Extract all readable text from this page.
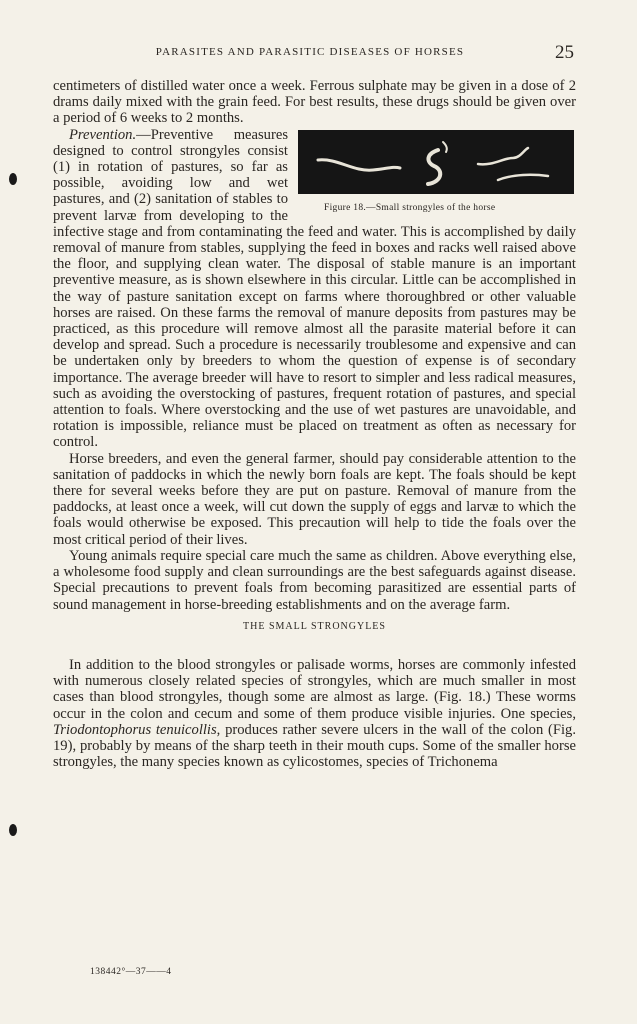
PARASITES AND PARASITIC DISEASES OF HORSES	25

centimeters of distilled water once a week. Ferrous sulphate may be given in a dose of 2 drams daily mixed with the grain feed. For best results, these drugs should be given over a period of 6 weeks to 2 months.

Prevention.
Figure 18.—Small strongyles of the horse
—Preventive measures designed to control strongyles consist (1) in rotation of pastures, so far as possible, avoiding low and wet pastures, and (2) sanitation of stables to prevent larvæ from developing to the infective stage and from contaminating the feed and water. This is accomplished by daily removal of manure from stables, supplying the feed in boxes and racks well raised above the floor, and supplying clean water. The disposal of stable manure is an important preventive measure, as is shown elsewhere in this circular. Little can be accomplished in the way of pasture sanitation except on farms where thoroughbred or other valuable horses are raised. On these farms the removal of manure deposits from pastures may be practiced, as this procedure will remove almost all the parasite material before it can develop and spread. Such a procedure is necessarily troublesome and expensive and can be undertaken only by breeders to whom the question of expense is of secondary importance. The average breeder will have to resort to simpler and less radical measures, such as avoiding the overstocking of pastures, frequent rotation of pastures, and special attention to foals. Where overstocking and the use of wet pastures are unavoidable, and rotation is impossible, reliance must be placed on treatment as often as necessary for control.

Horse breeders, and even the general farmer, should pay considerable attention to the sanitation of paddocks in which the newly born foals are kept. The foals should be kept there for several weeks before they are put on pasture. Removal of manure from the paddocks, at least once a week, will cut down the supply of eggs and larvæ to which the foals would otherwise be exposed. This precaution will help to tide the foals over the most critical period of their lives.

Young animals require special care much the same as children. Above everything else, a wholesome food supply and clean surroundings are the best safeguards against disease. Special precautions to prevent foals from becoming parasitized are essential parts of sound management in horse-breeding establishments and on the average farm.

THE SMALL STRONGYLES

In addition to the blood strongyles or palisade worms, horses are commonly infested with numerous closely related species of strongyles, which are much smaller in most cases than blood strongyles, though some are almost as large. (Fig. 18.) These worms occur in the colon and cecum and some of them produce visible injuries. One species, Triodontophorus tenuicollis, produces rather severe ulcers in the wall of the colon (Fig. 19), probably by means of the sharp teeth in their mouth cups. Some of the smaller horse strongyles, the many species known as cylicostomes, species of Trichonema

138442°—37——4
